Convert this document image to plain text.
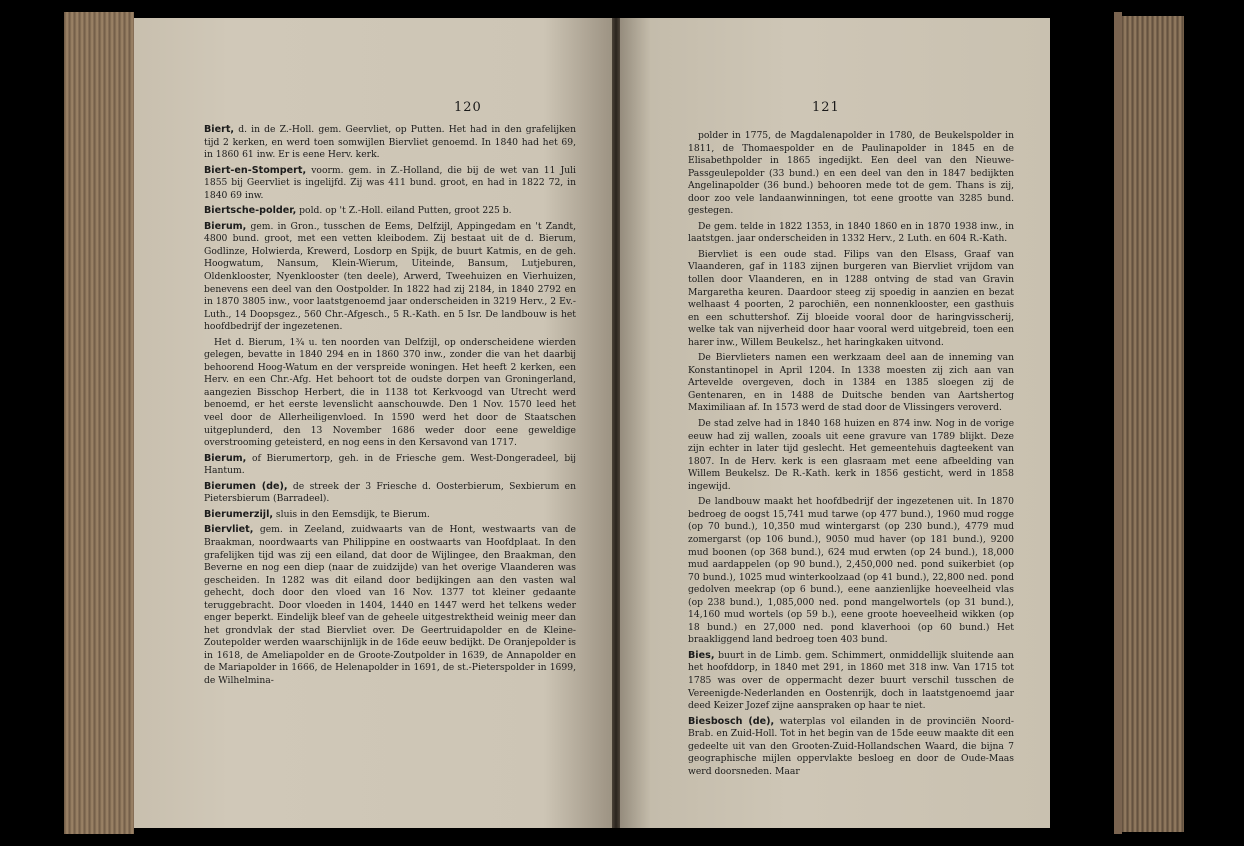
120

Biert, d. in de Z.-Holl. gem. Geervliet, op Putten. Het had in den grafelijken tijd 2 kerken, en werd toen somwijlen Biervliet genoemd. In 1840 had het 69, in 1860 61 inw. Er is eene Herv. kerk.

Biert-en-Stompert, voorm. gem. in Z.-Holland, die bij de wet van 11 Juli 1855 bij Geervliet is ingelijfd. Zij was 411 bund. groot, en had in 1822 72, in 1840 69 inw.

Biertsche-polder, pold. op 't Z.-Holl. eiland Putten, groot 225 b.

Bierum, gem. in Gron., tusschen de Eems, Delfzijl, Appingedam en 't Zandt, 4800 bund. groot, met een vetten kleibodem. Zij bestaat uit de d. Bierum, Godlinze, Holwierda, Krewerd, Losdorp en Spijk, de buurt Katmis, en de geh. Hoogwatum, Nansum, Klein-Wierum, Uiteinde, Bansum, Lutjeburen, Oldenklooster, Nyenklooster (ten deele), Arwerd, Tweehuizen en Vierhuizen, benevens een deel van den Oostpolder. In 1822 had zij 2184, in 1840 2792 en in 1870 3805 inw., voor laatstgenoemd jaar onderscheiden in 3219 Herv., 2 Ev.-Luth., 14 Doopsgez., 560 Chr.-Afgesch., 5 R.-Kath. en 5 Isr. De landbouw is het hoofdbedrijf der ingezetenen.

Het d. Bierum, 1¾ u. ten noorden van Delfzijl, op onderscheidene wierden gelegen, bevatte in 1840 294 en in 1860 370 inw., zonder die van het daarbij behoorend Hoog-Watum en der verspreide woningen. Het heeft 2 kerken, een Herv. en een Chr.-Afg. Het behoort tot de oudste dorpen van Groningerland, aangezien Bisschop Herbert, die in 1138 tot Kerkvoogd van Utrecht werd benoemd, er het eerste levenslicht aanschouwde. Den 1 Nov. 1570 leed het veel door de Allerheiligenvloed. In 1590 werd het door de Staatschen uitgeplunderd, den 13 November 1686 weder door eene geweldige overstrooming geteisterd, en nog eens in den Kersavond van 1717.

Bierum, of Bierumertorp, geh. in de Friesche gem. West-Dongeradeel, bij Hantum.

Bierumen (de), de streek der 3 Friesche d. Oosterbierum, Sexbierum en Pietersbierum (Barradeel).

Bierumerzijl, sluis in den Eemsdijk, te Bierum.

Biervliet, gem. in Zeeland, zuidwaarts van de Hont, westwaarts van de Braakman, noordwaarts van Philippine en oostwaarts van Hoofdplaat. In den grafelijken tijd was zij een eiland, dat door de Wijlingee, den Braakman, den Beverne en nog een diep (naar de zuidzijde) van het overige Vlaanderen was gescheiden. In 1282 was dit eiland door bedijkingen aan den vasten wal gehecht, doch door den vloed van 16 Nov. 1377 tot kleiner gedaante teruggebracht. Door vloeden in 1404, 1440 en 1447 werd het telkens weder enger beperkt. Eindelijk bleef van de geheele uitgestrektheid weinig meer dan het grondvlak der stad Biervliet over. De Geertruidapolder en de Kleine-Zoutepolder werden waarschijnlijk in de 16de eeuw bedijkt. De Oranjepolder is in 1618, de Ameliapolder en de Groote-Zoutpolder in 1639, de Annapolder en de Mariapolder in 1666, de Helenapolder in 1691, de st.-Pieterspolder in 1699, de Wilhelmina-

121

polder in 1775, de Magdalenapolder in 1780, de Beukelspolder in 1811, de Thomaespolder en de Paulinapolder in 1845 en de Elisabethpolder in 1865 ingedijkt. Een deel van den Nieuwe-Passgeulepolder (33 bund.) en een deel van den in 1847 bedijkten Angelinapolder (36 bund.) behooren mede tot de gem. Thans is zij, door zoo vele landaanwinningen, tot eene grootte van 3285 bund. gestegen.

De gem. telde in 1822 1353, in 1840 1860 en in 1870 1938 inw., in laatstgen. jaar onderscheiden in 1332 Herv., 2 Luth. en 604 R.-Kath.

Biervliet is een oude stad. Filips van den Elsass, Graaf van Vlaanderen, gaf in 1183 zijnen burgeren van Biervliet vrijdom van tollen door Vlaanderen, en in 1288 ontving de stad van Gravin Margaretha keuren. Daardoor steeg zij spoedig in aanzien en bezat welhaast 4 poorten, 2 parochiën, een nonnenklooster, een gasthuis en een schuttershof. Zij bloeide vooral door de haringvisscherij, welke tak van nijverheid door haar vooral werd uitgebreid, toen een harer inw., Willem Beukelsz., het haringkaken uitvond.

De Biervlieters namen een werkzaam deel aan de inneming van Konstantinopel in April 1204. In 1338 moesten zij zich aan van Artevelde overgeven, doch in 1384 en 1385 sloegen zij de Gentenaren, en in 1488 de Duitsche benden van Aartshertog Maximiliaan af. In 1573 werd de stad door de Vlissingers veroverd.

De stad zelve had in 1840 168 huizen en 874 inw. Nog in de vorige eeuw had zij wallen, zooals uit eene gravure van 1789 blijkt. Deze zijn echter in later tijd geslecht. Het gemeentehuis dagteekent van 1807. In de Herv. kerk is een glasraam met eene afbeelding van Willem Beukelsz. De R.-Kath. kerk in 1856 gesticht, werd in 1858 ingewijd.

De landbouw maakt het hoofdbedrijf der ingezetenen uit. In 1870 bedroeg de oogst 15,741 mud tarwe (op 477 bund.), 1960 mud rogge (op 70 bund.), 10,350 mud wintergarst (op 230 bund.), 4779 mud zomergarst (op 106 bund.), 9050 mud haver (op 181 bund.), 9200 mud boonen (op 368 bund.), 624 mud erwten (op 24 bund.), 18,000 mud aardappelen (op 90 bund.), 2,450,000 ned. pond suikerbiet (op 70 bund.), 1025 mud winterkoolzaad (op 41 bund.), 22,800 ned. pond gedolven meekrap (op 6 bund.), eene aanzienlijke hoeveelheid vlas (op 238 bund.), 1,085,000 ned. pond mangelwortels (op 31 bund.), 14,160 mud wortels (op 59 b.), eene groote hoeveelheid wikken (op 18 bund.) en 27,000 ned. pond klaverhooi (op 60 bund.) Het braakliggend land bedroeg toen 403 bund.

Bies, buurt in de Limb. gem. Schimmert, onmiddellijk sluitende aan het hoofddorp, in 1840 met 291, in 1860 met 318 inw. Van 1715 tot 1785 was over de oppermacht dezer buurt verschil tusschen de Vereenigde-Nederlanden en Oostenrijk, doch in laatstgenoemd jaar deed Keizer Jozef zijne aanspraken op haar te niet.

Biesbosch (de), waterplas vol eilanden in de provinciën Noord-Brab. en Zuid-Holl. Tot in het begin van de 15de eeuw maakte dit een gedeelte uit van den Grooten-Zuid-Hollandschen Waard, die bijna 7 geographische mijlen oppervlakte besloeg en door de Oude-Maas werd doorsneden. Maar
